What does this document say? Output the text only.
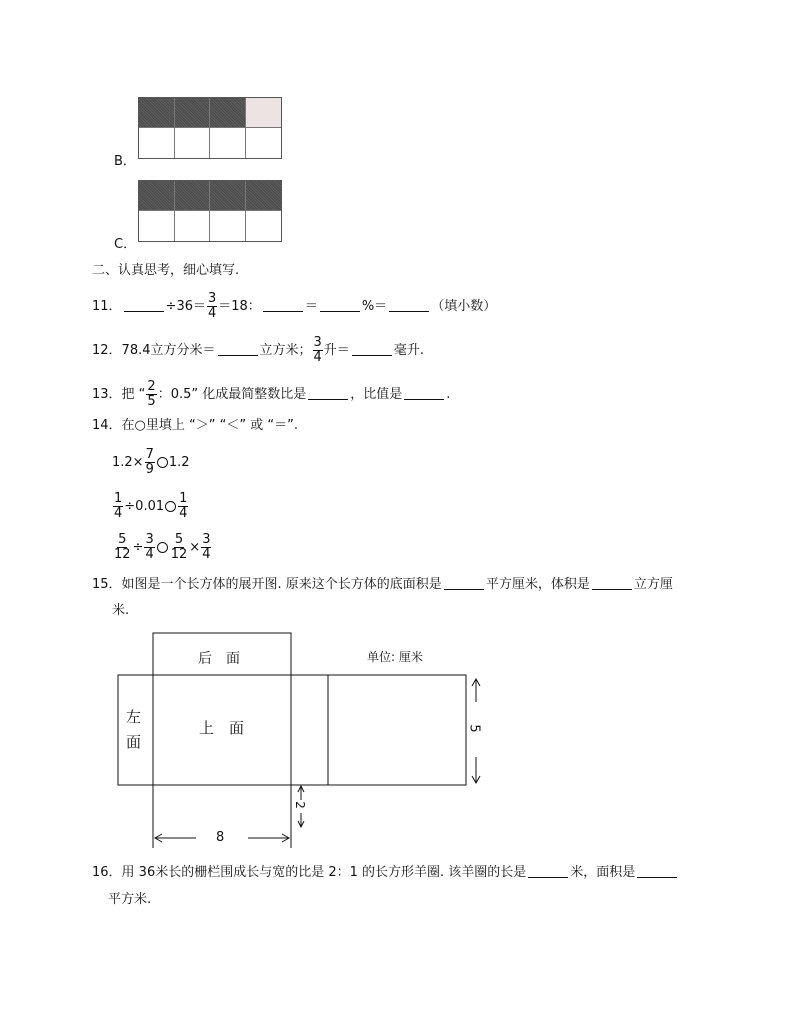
B．
C．
二、认真思考，细心填写.
11．	$\div 36= \frac{3}{4} =18$：	＝	%＝	（填小数）
12．78.4立方分米＝	立方米； $\frac{3}{4}$ 升＝	毫升.
13．把 “ $\frac{2}{5}$ ：0.5” 化成最简整数比是	，比值是	.
14．在○里填上 “＞” “＜” 或 “＝”.
$1.2\times \frac{7}{9} 1.2$
$\frac{1}{4} \div 0.01 \frac{1}{4}$
$\frac{5}{12} \div \frac{3}{4} \frac{5}{12} \times \frac{3}{4}$
15．如图是一个长方体的展开图. 原来这个长方体的底面积是	平方厘米，体积是	立方厘
米.
后　面	单位: 厘米
左
面
上　面	5
2
8
16．用 36米长的栅栏围成长与宽的比是 2：1 的长方形羊圈. 该羊圈的长是	米，面积是
平方米.
